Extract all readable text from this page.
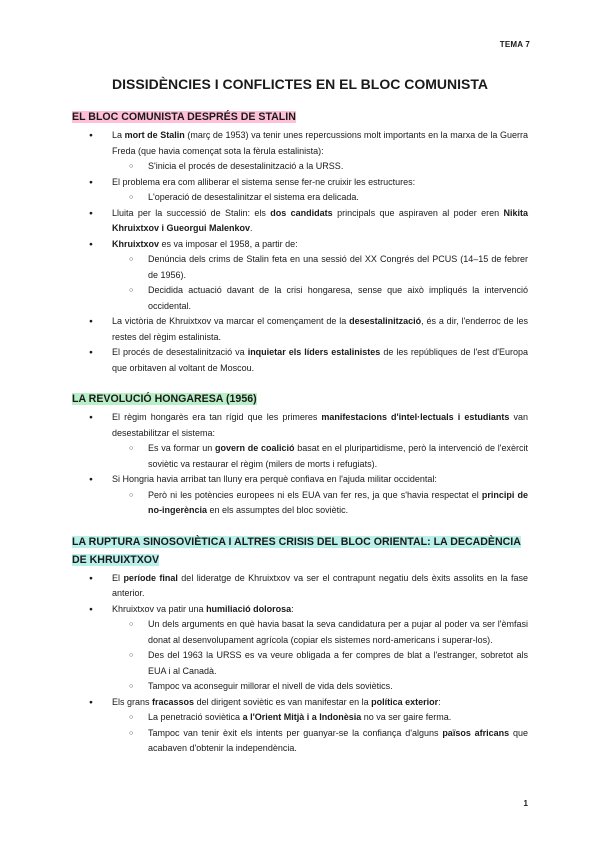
TEMA 7
DISSIDÈNCIES I CONFLICTES EN EL BLOC COMUNISTA
EL BLOC COMUNISTA DESPRÉS DE STALIN
● La mort de Stalin (març de 1953) va tenir unes repercussions molt importants en la marxa de la Guerra Freda (que havia començat sota la fèrula estalinista):
○ S'inicia el procés de desestalinització a la URSS.
● El problema era com alliberar el sistema sense fer-ne cruixir les estructures:
○ L'operació de desestalinitzar el sistema era delicada.
● Lluita per la successió de Stalin: els dos candidats principals que aspiraven al poder eren Nikita Khruixtxov i Gueorgui Malenkov.
● Khruixtxov es va imposar el 1958, a partir de:
○ Denúncia dels crims de Stalin feta en una sessió del XX Congrés del PCUS (14–15 de febrer de 1956).
○ Decidida actuació davant de la crisi hongaresa, sense que això impliqués la intervenció occidental.
● La victòria de Khruixtxov va marcar el començament de la desestalinització, és a dir, l'enderroc de les restes del règim estalinista.
● El procés de desestalinització va inquietar els líders estalinistes de les repúbliques de l'est d'Europa que orbitaven al voltant de Moscou.
LA REVOLUCIÓ HONGARESA (1956)
● El règim hongarès era tan rígid que les primeres manifestacions d'intel·lectuals i estudiants van desestabilitzar el sistema:
○ Es va formar un govern de coalició basat en el pluripartidisme, però la intervenció de l'exèrcit soviètic va restaurar el règim (milers de morts i refugiats).
● Si Hongria havia arribat tan lluny era perquè confiava en l'ajuda militar occidental:
○ Però ni les potències europees ni els EUA van fer res, ja que s'havia respectat el principi de no-ingerència en els assumptes del bloc soviètic.
LA RUPTURA SINOSOVIÈTICA I ALTRES CRISIS DEL BLOC ORIENTAL: LA DECADÈNCIA DE KHRUIXTXOV
● El període final del lideratge de Khruixtxov va ser el contrapunt negatiu dels èxits assolits en la fase anterior.
● Khruixtxov va patir una humiliació dolorosa:
○ Un dels arguments en què havia basat la seva candidatura per a pujar al poder va ser l'èmfasi donat al desenvolupament agrícola (copiar els sistemes nord-americans i superar-los).
○ Des del 1963 la URSS es va veure obligada a fer compres de blat a l'estranger, sobretot als EUA i al Canadà.
○ Tampoc va aconseguir millorar el nivell de vida dels soviètics.
● Els grans fracassos del dirigent soviètic es van manifestar en la política exterior:
○ La penetració soviètica a l'Orient Mitjà i a Indonèsia no va ser gaire ferma.
○ Tampoc van tenir èxit els intents per guanyar-se la confiança d'alguns països africans que acabaven d'obtenir la independència.
1
